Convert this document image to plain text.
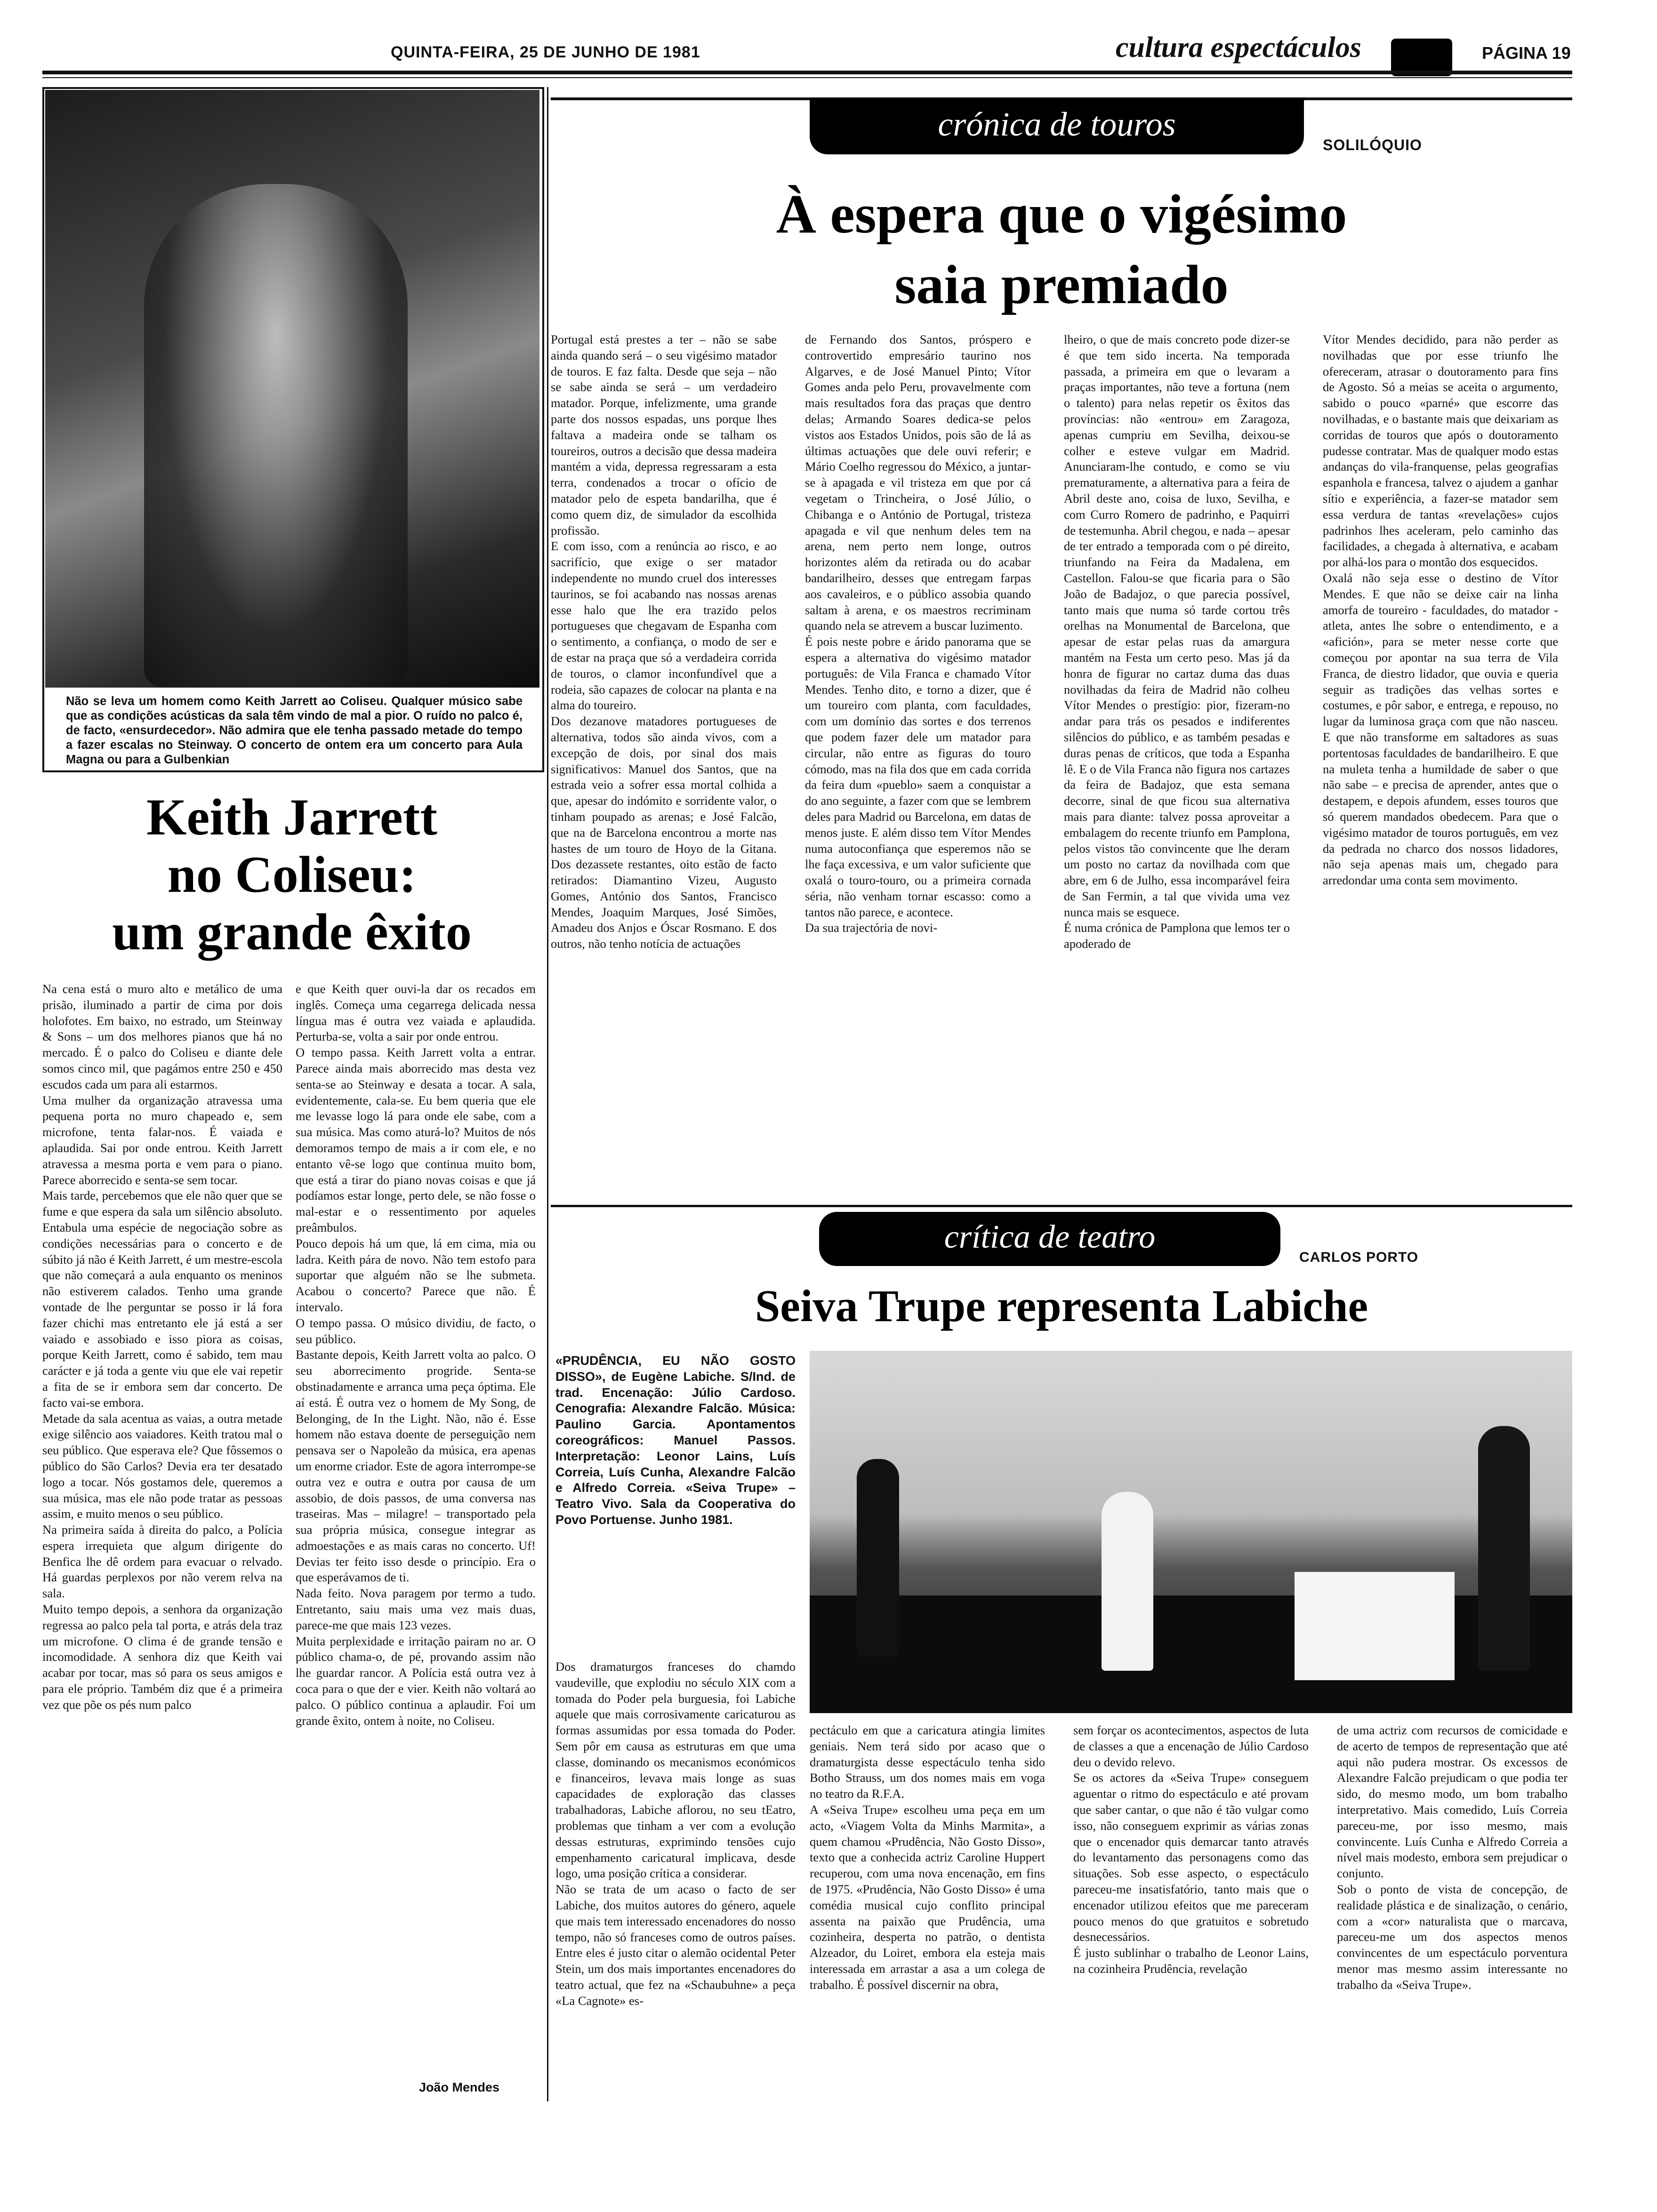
QUINTA-FEIRA, 25 DE JUNHO DE 1981	cultura espectáculos	PÁGINA 19
Não se leva um homem como Keith Jarrett ao Coliseu. Qualquer músico sabe que as condições acústicas da sala têm vindo de mal a pior. O ruído no palco é, de facto, «ensurdecedor». Não admira que ele tenha passado metade do tempo a fazer escalas no Steinway. O concerto de ontem era um concerto para Aula Magna ou para a Gulbenkian
Keith Jarrett
no Coliseu:
um grande êxito
Na cena está o muro alto e metálico de uma prisão, iluminado a partir de cima por dois holofotes. Em baixo, no estrado, um Steinway & Sons – um dos melhores pianos que há no mercado. É o palco do Coliseu e diante dele somos cinco mil, que pagámos entre 250 e 450 escudos cada um para ali estarmos.
Uma mulher da organização atravessa uma pequena porta no muro chapeado e, sem microfone, tenta falar-nos. É vaiada e aplaudida. Sai por onde entrou. Keith Jarrett atravessa a mesma porta e vem para o piano. Parece aborrecido e senta-se sem tocar.
Mais tarde, percebemos que ele não quer que se fume e que espera da sala um silêncio absoluto. Entabula uma espécie de negociação sobre as condições necessárias para o concerto e de súbito já não é Keith Jarrett, é um mestre-escola que não começará a aula enquanto os meninos não estiverem calados. Tenho uma grande vontade de lhe perguntar se posso ir lá fora fazer chichi mas entretanto ele já está a ser vaiado e assobiado e isso piora as coisas, porque Keith Jarrett, como é sabido, tem mau carácter e já toda a gente viu que ele vai repetir a fita de se ir embora sem dar concerto. De facto vai-se embora.
Metade da sala acentua as vaias, a outra metade exige silêncio aos vaiadores. Keith tratou mal o seu público. Que esperava ele? Que fôssemos o público do São Carlos? Devia era ter desatado logo a tocar. Nós gostamos dele, queremos a sua música, mas ele não pode tratar as pessoas assim, e muito menos o seu público.
Na primeira saída à direita do palco, a Polícia espera irrequieta que algum dirigente do Benfica lhe dê ordem para evacuar o relvado. Há guardas perplexos por não verem relva na sala.
Muito tempo depois, a senhora da organização regressa ao palco pela tal porta, e atrás dela traz um microfone. O clima é de grande tensão e incomodidade. A senhora diz que Keith vai acabar por tocar, mas só para os seus amigos e para ele próprio. Também diz que é a primeira vez que põe os pés num palco
e que Keith quer ouvi-la dar os recados em inglês. Começa uma cegarrega delicada nessa língua mas é outra vez vaiada e aplaudida. Perturba-se, volta a sair por onde entrou.
O tempo passa. Keith Jarrett volta a entrar. Parece ainda mais aborrecido mas desta vez senta-se ao Steinway e desata a tocar. A sala, evidentemente, cala-se. Eu bem queria que ele me levasse logo lá para onde ele sabe, com a sua música. Mas como aturá-lo? Muitos de nós demoramos tempo de mais a ir com ele, e no entanto vê-se logo que continua muito bom, que está a tirar do piano novas coisas e que já podíamos estar longe, perto dele, se não fosse o mal-estar e o ressentimento por aqueles preâmbulos.
Pouco depois há um que, lá em cima, mia ou ladra. Keith pára de novo. Não tem estofo para suportar que alguém não se lhe submeta. Acabou o concerto? Parece que não. É intervalo.
O tempo passa. O músico dividiu, de facto, o seu público.
Bastante depois, Keith Jarrett volta ao palco. O seu aborrecimento progride. Senta-se obstinadamente e arranca uma peça óptima. Ele aí está. É outra vez o homem de My Song, de Belonging, de In the Light. Não, não é. Esse homem não estava doente de perseguição nem pensava ser o Napoleão da música, era apenas um enorme criador. Este de agora interrompe-se outra vez e outra e outra por causa de um assobio, de dois passos, de uma conversa nas traseiras. Mas – milagre! – transportado pela sua própria música, consegue integrar as admoestações e as mais caras no concerto. Uf! Devias ter feito isso desde o princípio. Era o que esperávamos de ti.
Nada feito. Nova paragem por termo a tudo. Entretanto, saiu mais uma vez mais duas, parece-me que mais 123 vezes.
Muita perplexidade e irritação pairam no ar. O público chama-o, de pé, provando assim não lhe guardar rancor. A Polícia está outra vez à coca para o que der e vier. Keith não voltará ao palco. O público continua a aplaudir. Foi um grande êxito, ontem à noite, no Coliseu.
João Mendes
crónica de touros
SOLILÓQUIO
À espera que o vigésimo
saia premiado
Portugal está prestes a ter – não se sabe ainda quando será – o seu vigésimo matador de touros. E faz falta. Desde que seja – não se sabe ainda se será – um verdadeiro matador. Porque, infelizmente, uma grande parte dos nossos espadas, uns porque lhes faltava a madeira onde se talham os toureiros, outros a decisão que dessa madeira mantém a vida, depressa regressaram a esta terra, condenados a trocar o ofício de matador pelo de espeta bandarilha, que é como quem diz, de simulador da escolhida profissão.
E com isso, com a renúncia ao risco, e ao sacrifício, que exige o ser matador independente no mundo cruel dos interesses taurinos, se foi acabando nas nossas arenas esse halo que lhe era trazido pelos portugueses que chegavam de Espanha com o sentimento, a confiança, o modo de ser e de estar na praça que só a verdadeira corrida de touros, o clamor inconfundível que a rodeia, são capazes de colocar na planta e na alma do toureiro.
Dos dezanove matadores portugueses de alternativa, todos são ainda vivos, com a excepção de dois, por sinal dos mais significativos: Manuel dos Santos, que na estrada veio a sofrer essa mortal colhida a que, apesar do indómito e sorridente valor, o tinham poupado as arenas; e José Falcão, que na de Barcelona encontrou a morte nas hastes de um touro de Hoyo de la Gitana. Dos dezassete restantes, oito estão de facto retirados: Diamantino Vizeu, Augusto Gomes, António dos Santos, Francisco Mendes, Joaquim Marques, José Simões, Amadeu dos Anjos e Óscar Rosmano. E dos outros, não tenho notícia de actuações
de Fernando dos Santos, próspero e controvertido empresário taurino nos Algarves, e de José Manuel Pinto; Vítor Gomes anda pelo Peru, provavelmente com mais resultados fora das praças que dentro delas; Armando Soares dedica-se pelos vistos aos Estados Unidos, pois são de lá as últimas actuações que dele ouvi referir; e Mário Coelho regressou do México, a juntar-se à apagada e vil tristeza em que por cá vegetam o Trincheira, o José Júlio, o Chibanga e o António de Portugal, tristeza apagada e vil que nenhum deles tem na arena, nem perto nem longe, outros horizontes além da retirada ou do acabar bandarilheiro, desses que entregam farpas aos cavaleiros, e o público assobia quando saltam à arena, e os maestros recriminam quando nela se atrevem a buscar luzimento.
É pois neste pobre e árido panorama que se espera a alternativa do vigésimo matador português: de Vila Franca e chamado Vítor Mendes. Tenho dito, e torno a dizer, que é um toureiro com planta, com faculdades, com um domínio das sortes e dos terrenos que podem fazer dele um matador para circular, não entre as figuras do touro cómodo, mas na fila dos que em cada corrida da feira dum «pueblo» saem a conquistar a do ano seguinte, a fazer com que se lembrem deles para Madrid ou Barcelona, em datas de menos juste. E além disso tem Vítor Mendes numa autoconfiança que esperemos não se lhe faça excessiva, e um valor suficiente que oxalá o touro-touro, ou a primeira cornada séria, não venham tornar escasso: como a tantos não parece, e acontece.
Da sua trajectória de novi-
lheiro, o que de mais concreto pode dizer-se é que tem sido incerta. Na temporada passada, a primeira em que o levaram a praças importantes, não teve a fortuna (nem o talento) para nelas repetir os êxitos das províncias: não «entrou» em Zaragoza, apenas cumpriu em Sevilha, deixou-se colher e esteve vulgar em Madrid. Anunciaram-lhe contudo, e como se viu prematuramente, a alternativa para a feira de Abril deste ano, coisa de luxo, Sevilha, e com Curro Romero de padrinho, e Paquirri de testemunha. Abril chegou, e nada – apesar de ter entrado a temporada com o pé direito, triunfando na Feira da Madalena, em Castellon. Falou-se que ficaria para o São João de Badajoz, o que parecia possível, tanto mais que numa só tarde cortou três orelhas na Monumental de Barcelona, que apesar de estar pelas ruas da amargura mantém na Festa um certo peso. Mas já da honra de figurar no cartaz duma das duas novilhadas da feira de Madrid não colheu Vítor Mendes o prestígio: pior, fizeram-no andar para trás os pesados e indiferentes silêncios do público, e as também pesadas e duras penas de críticos, que toda a Espanha lê. E o de Vila Franca não figura nos cartazes da feira de Badajoz, que esta semana decorre, sinal de que ficou sua alternativa mais para diante: talvez possa aproveitar a embalagem do recente triunfo em Pamplona, pelos vistos tão convincente que lhe deram um posto no cartaz da novilhada com que abre, em 6 de Julho, essa incomparável feira de San Fermin, a tal que vivida uma vez nunca mais se esquece.
É numa crónica de Pamplona que lemos ter o apoderado de
Vítor Mendes decidido, para não perder as novilhadas que por esse triunfo lhe ofereceram, atrasar o doutoramento para fins de Agosto. Só a meias se aceita o argumento, sabido o pouco «parné» que escorre das novilhadas, e o bastante mais que deixariam as corridas de touros que após o doutoramento pudesse contratar. Mas de qualquer modo estas andanças do vila-franquense, pelas geografias espanhola e francesa, talvez o ajudem a ganhar sítio e experiência, a fazer-se matador sem essa verdura de tantas «revelações» cujos padrinhos lhes aceleram, pelo caminho das facilidades, a chegada à alternativa, e acabam por alhá-los para o montão dos esquecidos.
Oxalá não seja esse o destino de Vítor Mendes. E que não se deixe cair na linha amorfa de toureiro - faculdades, do matador -atleta, antes lhe sobre o entendimento, e a «afición», para se meter nesse corte que começou por apontar na sua terra de Vila Franca, de diestro lidador, que ouvia e queria seguir as tradições das velhas sortes e costumes, e pôr sabor, e entrega, e repouso, no lugar da luminosa graça com que não nasceu. E que não transforme em saltadores as suas portentosas faculdades de bandarilheiro. E que na muleta tenha a humildade de saber o que não sabe – e precisa de aprender, antes que o destapem, e depois afundem, esses touros que só querem mandados obedecem. Para que o vigésimo matador de touros português, em vez da pedrada no charco dos nossos lidadores, não seja apenas mais um, chegado para arredondar uma conta sem movimento.
crítica de teatro
CARLOS PORTO
Seiva Trupe representa Labiche
«PRUDÊNCIA, EU NÃO GOSTO DISSO», de Eugène Labiche. S/Ind. de trad. Encenação: Júlio Cardoso. Cenografia: Alexandre Falcão. Música: Paulino Garcia. Apontamentos coreográficos: Manuel Passos. Interpretação: Leonor Lains, Luís Correia, Luís Cunha, Alexandre Falcão e Alfredo Correia. «Seiva Trupe» – Teatro Vivo. Sala da Cooperativa do Povo Portuense. Junho 1981.
Dos dramaturgos franceses do chamdo vaudeville, que explodiu no século XIX com a tomada do Poder pela burguesia, foi Labiche aquele que mais corrosivamente caricaturou as formas assumidas por essa tomada do Poder. Sem pôr em causa as estruturas em que uma classe, dominando os mecanismos económicos e financeiros, levava mais longe as suas capacidades de exploração das classes trabalhadoras, Labiche aflorou, no seu tEatro, problemas que tinham a ver com a evolução dessas estruturas, exprimindo tensões cujo empenhamento caricatural implicava, desde logo, uma posição crítica a considerar.
Não se trata de um acaso o facto de ser Labiche, dos muitos autores do género, aquele que mais tem interessado encenadores do nosso tempo, não só franceses como de outros países. Entre eles é justo citar o alemão ocidental Peter Stein, um dos mais importantes encenadores do teatro actual, que fez na «Schaubuhne» a peça «La Cagnote» es-
pectáculo em que a caricatura atingia limites geniais. Nem terá sido por acaso que o dramaturgista desse espectáculo tenha sido Botho Strauss, um dos nomes mais em voga no teatro da R.F.A.
A «Seiva Trupe» escolheu uma peça em um acto, «Viagem Volta da Minhs Marmita», a quem chamou «Prudência, Não Gosto Disso», texto que a conhecida actriz Caroline Huppert recuperou, com uma nova encenação, em fins de 1975. «Prudência, Não Gosto Disso» é uma comédia musical cujo conflito principal assenta na paixão que Prudência, uma cozinheira, desperta no patrão, o dentista Alzeador, du Loiret, embora ela esteja mais interessada em arrastar a asa a um colega de trabalho. É possível discernir na obra,
sem forçar os acontecimentos, aspectos de luta de classes a que a encenação de Júlio Cardoso deu o devido relevo.
Se os actores da «Seiva Trupe» conseguem aguentar o ritmo do espectáculo e até provam que saber cantar, o que não é tão vulgar como isso, não conseguem exprimir as várias zonas que o encenador quis demarcar tanto através do levantamento das personagens como das situações. Sob esse aspecto, o espectáculo pareceu-me insatisfatório, tanto mais que o encenador utilizou efeitos que me pareceram pouco menos do que gratuitos e sobretudo desnecessários.
É justo sublinhar o trabalho de Leonor Lains, na cozinheira Prudência, revelação
de uma actriz com recursos de comicidade e de acerto de tempos de representação que até aqui não pudera mostrar. Os excessos de Alexandre Falcão prejudicam o que podia ter sido, do mesmo modo, um bom trabalho interpretativo. Mais comedido, Luís Correia pareceu-me, por isso mesmo, mais convincente. Luís Cunha e Alfredo Correia a nível mais modesto, embora sem prejudicar o conjunto.
Sob o ponto de vista de concepção, de realidade plástica e de sinalização, o cenário, com a «cor» naturalista que o marcava, pareceu-me um dos aspectos menos convincentes de um espectáculo porventura menor mas mesmo assim interessante no trabalho da «Seiva Trupe».
